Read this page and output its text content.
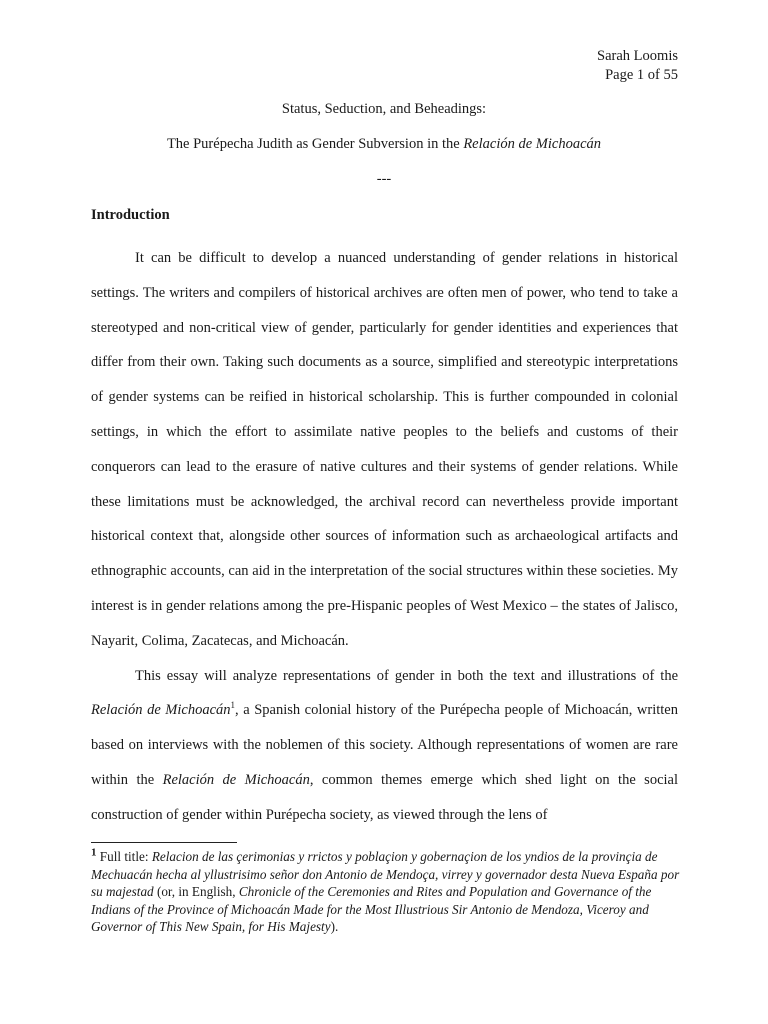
Sarah Loomis
Page 1 of 55
Status, Seduction, and Beheadings:
The Purépecha Judith as Gender Subversion in the Relación de Michoacán
---
Introduction

It can be difficult to develop a nuanced understanding of gender relations in historical settings. The writers and compilers of historical archives are often men of power, who tend to take a stereotyped and non-critical view of gender, particularly for gender identities and experiences that differ from their own. Taking such documents as a source, simplified and stereotypic interpretations of gender systems can be reified in historical scholarship. This is further compounded in colonial settings, in which the effort to assimilate native peoples to the beliefs and customs of their conquerors can lead to the erasure of native cultures and their systems of gender relations. While these limitations must be acknowledged, the archival record can nevertheless provide important historical context that, alongside other sources of information such as archaeological artifacts and ethnographic accounts, can aid in the interpretation of the social structures within these societies. My interest is in gender relations among the pre-Hispanic peoples of West Mexico – the states of Jalisco, Nayarit, Colima, Zacatecas, and Michoacán.

This essay will analyze representations of gender in both the text and illustrations of the Relación de Michoacán$^1$, a Spanish colonial history of the Purépecha people of Michoacán, written based on interviews with the noblemen of this society. Although representations of women are rare within the Relación de Michoacán, common themes emerge which shed light on the social construction of gender within Purépecha society, as viewed through the lens of

$^1$ Full title: Relacion de las çerimonias y rrictos y poblaçion y gobernaçion de los yndios de la provinçia de Mechuacán hecha al yllustrisimo señor don Antonio de Mendoça, virrey y governador desta Nueva España por su majestad (or, in English, Chronicle of the Ceremonies and Rites and Population and Governance of the Indians of the Province of Michoacán Made for the Most Illustrious Sir Antonio de Mendoza, Viceroy and Governor of This New Spain, for His Majesty).
